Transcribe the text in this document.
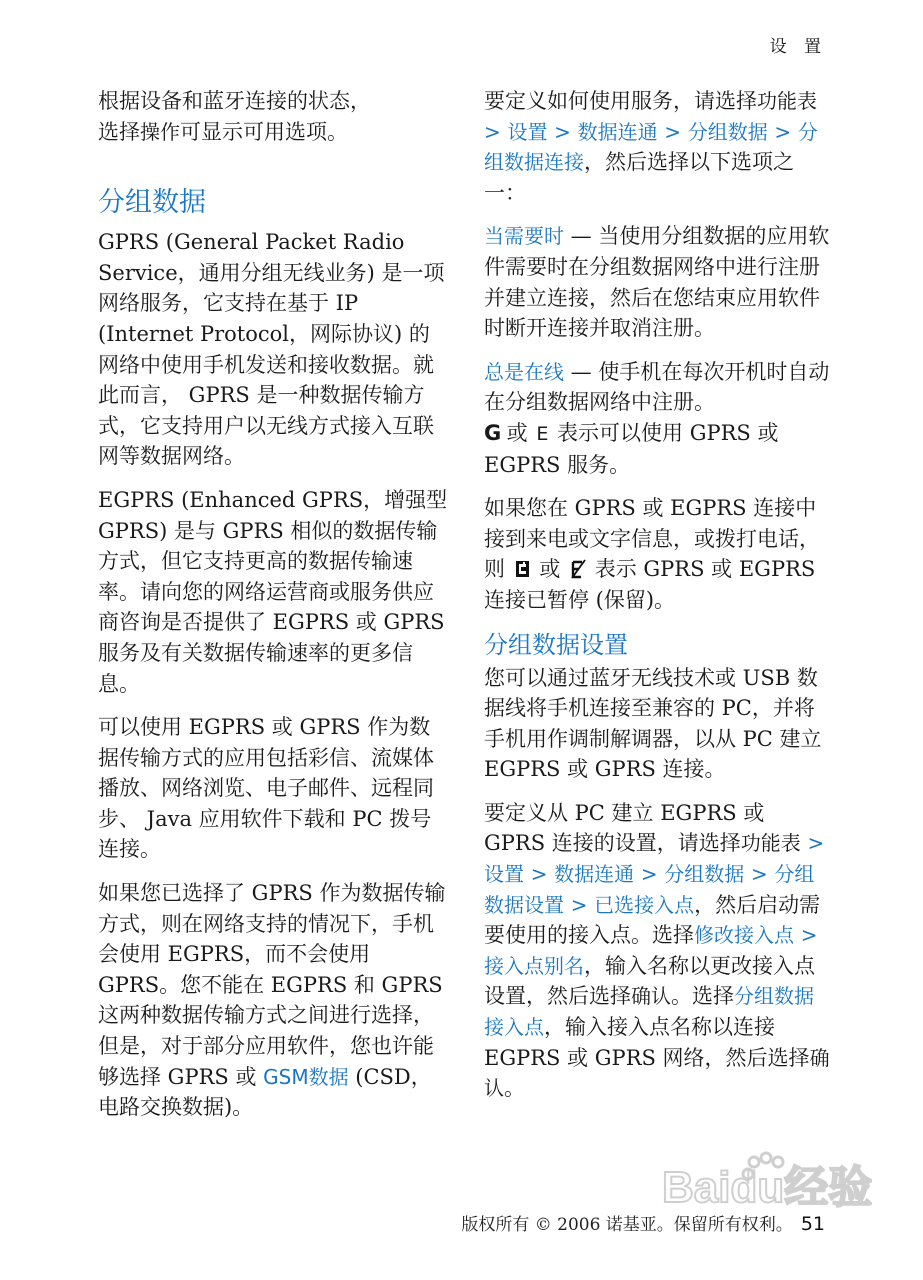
设 置

根据设备和蓝牙连接的状态，
选择操作可显示可用选项。

分组数据

GPRS (General Packet Radio Service，通用分组无线业务) 是一项网络服务，它支持在基于 IP (Internet Protocol，网际协议) 的网络中使用手机发送和接收数据。就此而言， GPRS 是一种数据传输方式，它支持用户以无线方式接入互联网等数据网络。

EGPRS (Enhanced GPRS，增强型 GPRS) 是与 GPRS 相似的数据传输方式，但它支持更高的数据传输速率。请向您的网络运营商或服务供应商咨询是否提供了 EGPRS 或 GPRS 服务及有关数据传输速率的更多信息。

可以使用 EGPRS 或 GPRS 作为数据传输方式的应用包括彩信、流媒体播放、网络浏览、电子邮件、远程同步、 Java 应用软件下载和 PC 拨号连接。

如果您已选择了 GPRS 作为数据传输方式，则在网络支持的情况下，手机会使用 EGPRS，而不会使用 GPRS。您不能在 EGPRS 和 GPRS 这两种数据传输方式之间进行选择，但是，对于部分应用软件，您也许能够选择 GPRS 或 GSM数据 (CSD，电路交换数据)。

要定义如何使用服务，请选择功能表 > 设置 > 数据连通 > 分组数据 > 分组数据连接，然后选择以下选项之一：

当需要时 — 当使用分组数据的应用软件需要时在分组数据网络中进行注册并建立连接，然后在您结束应用软件时断开连接并取消注册。

总是在线 — 使手机在每次开机时自动在分组数据网络中注册。
G 或 E 表示可以使用 GPRS 或 EGPRS 服务。

如果您在 GPRS 或 EGPRS 连接中接到来电或文字信息，或拨打电话，则  或  表示 GPRS 或 EGPRS 连接已暂停 (保留)。

分组数据设置

您可以通过蓝牙无线技术或 USB 数据线将手机连接至兼容的 PC，并将手机用作调制解调器，以从 PC 建立 EGPRS 或 GPRS 连接。

要定义从 PC 建立 EGPRS 或 GPRS 连接的设置，请选择功能表 > 设置 > 数据连通 > 分组数据 > 分组数据设置 > 已选接入点，然后启动需要使用的接入点。选择修改接入点 > 接入点别名，输入名称以更改接入点设置，然后选择确认。选择分组数据接入点，输入接入点名称以连接 EGPRS 或 GPRS 网络，然后选择确认。

Baidu经验
版权所有 © 2006 诺基亚。保留所有权利。 51
